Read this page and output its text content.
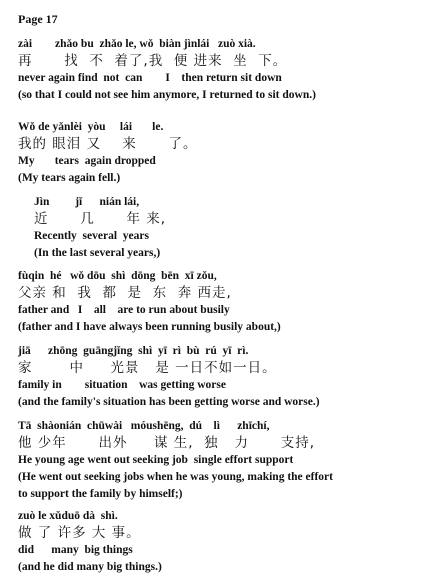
Page 17
zài        zhǎo bu  zhǎo le, wǒ  biàn jìnlái   zuò xià.
再      找  不  着了,我  便 进来  坐  下。
never again find  not  can        I    then return sit down
(so that I could not see him anymore, I returned to sit down.)
Wǒ de yǎnlèi  yòu     lái       le.
我的 眼泪 又    来      了。
My       tears  again dropped
(My tears again fell.)
Jìn         jǐ      nián lái,
近      几      年 来,
Recently  several  years
(In the last several years,)
fùqin  hé   wǒ dōu  shì  dōng  bēn  xī zǒu,
父亲 和  我  都  是  东  奔 西走,
father and   I    all    are to run about busily
(father and I have always been running busily about,)
jiā      zhōng  guāngjǐng  shì  yī  rì  bù  rú  yī  rì.
家       中     光景   是 一日不如一日。
family in        situation    was getting worse
(and the family's situation has been getting worse and worse.)
Tā  shàonián  chūwài   móushēng,  dú    lì      zhīchí,
他 少年      出外     谋 生,  独   力      支持,
He young age went out seeking job  single effort support
(He went out seeking jobs when he was young, making the effort
to support the family by himself;)
zuò le xǔduō dà  shì.
做 了 许多 大 事。
did      many  big things
(and he did many big things.)
